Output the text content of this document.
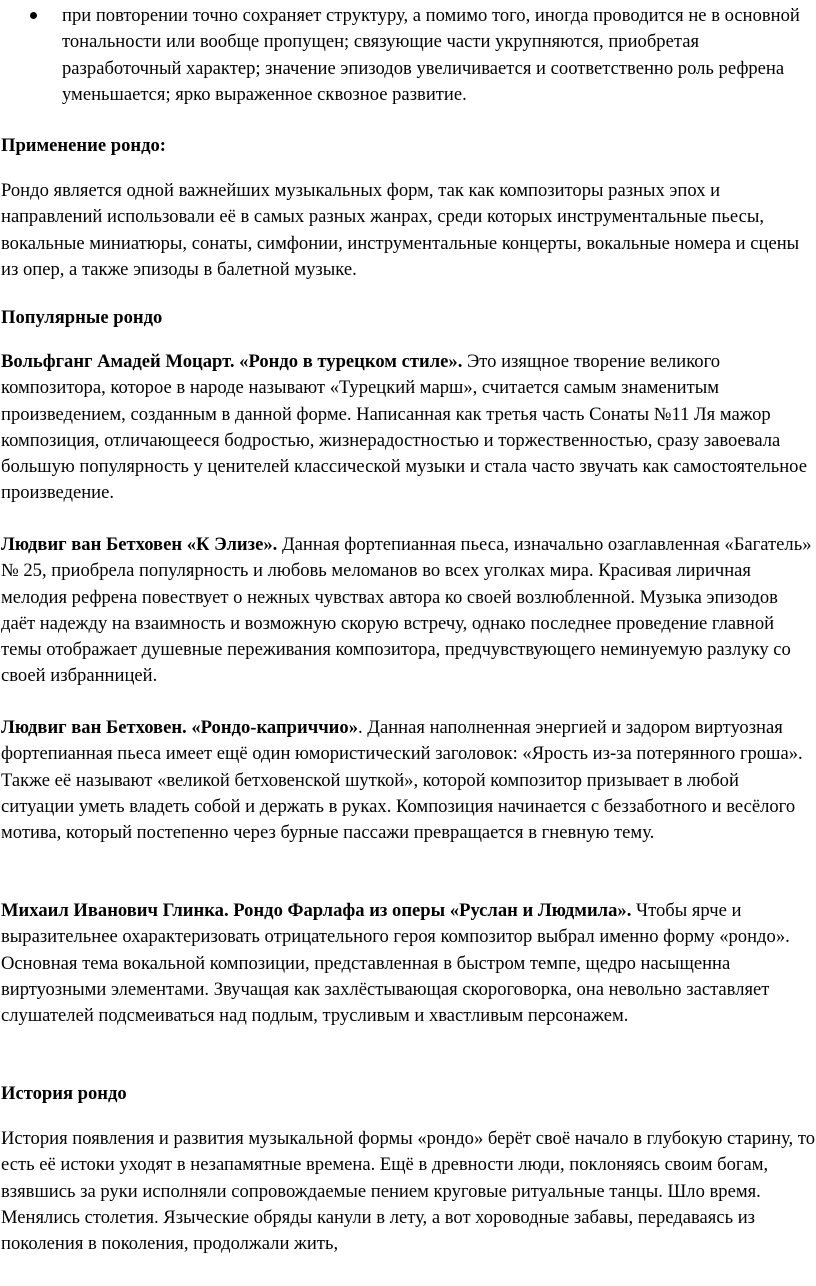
при повторении точно сохраняет структуру, а помимо того, иногда проводится не в основной тональности или вообще пропущен; связующие части укрупняются, приобретая разработочный характер; значение эпизодов увеличивается и соответственно роль рефрена уменьшается; ярко выраженное сквозное развитие.

Применение рондо:

Рондо является одной важнейших музыкальных форм, так как композиторы разных эпох и направлений использовали её в самых разных жанрах, среди которых инструментальные пьесы, вокальные миниатюры, сонаты, симфонии, инструментальные концерты, вокальные номера и сцены из опер, а также эпизоды в балетной музыке.

Популярные рондо

Вольфганг Амадей Моцарт. «Рондо в турецком стиле». Это изящное творение великого композитора, которое в народе называют «Турецкий марш», считается самым знаменитым произведением, созданным в данной форме. Написанная как третья часть Сонаты №11 Ля мажор композиция, отличающееся бодростью, жизнерадостностью и торжественностью, сразу завоевала большую популярность у ценителей классической музыки и стала часто звучать как самостоятельное произведение.

Людвиг ван Бетховен «К Элизе». Данная фортепианная пьеса, изначально озаглавленная «Багатель» № 25, приобрела популярность и любовь меломанов во всех уголках мира. Красивая лиричная мелодия рефрена повествует о нежных чувствах автора ко своей возлюбленной. Музыка эпизодов даёт надежду на взаимность и возможную скорую встречу, однако последнее проведение главной темы отображает душевные переживания композитора, предчувствующего неминуемую разлуку со своей избранницей.

Людвиг ван Бетховен. «Рондо-каприччио». Данная наполненная энергией и задором виртуозная фортепианная пьеса имеет ещё один юмористический заголовок: «Ярость из-за потерянного гроша». Также её называют «великой бетховенской шуткой», которой композитор призывает в любой ситуации уметь владеть собой и держать в руках. Композиция начинается с беззаботного и весёлого мотива, который постепенно через бурные пассажи превращается в гневную тему.

Михаил Иванович Глинка. Рондо Фарлафа из оперы «Руслан и Людмила». Чтобы ярче и выразительнее охарактеризовать отрицательного героя композитор выбрал именно форму «рондо». Основная тема вокальной композиции, представленная в быстром темпе, щедро насыщенна виртуозными элементами. Звучащая как захлёстывающая скороговорка, она невольно заставляет слушателей подсмеиваться над подлым, трусливым и хвастливым персонажем.

История рондо

История появления и развития музыкальной формы «рондо» берёт своё начало в глубокую старину, то есть её истоки уходят в незапамятные времена. Ещё в древности люди, поклоняясь своим богам, взявшись за руки исполняли сопровождаемые пением круговые ритуальные танцы. Шло время. Менялись столетия. Языческие обряды канули в лету, а вот хороводные забавы, передаваясь из поколения в поколения, продолжали жить,
